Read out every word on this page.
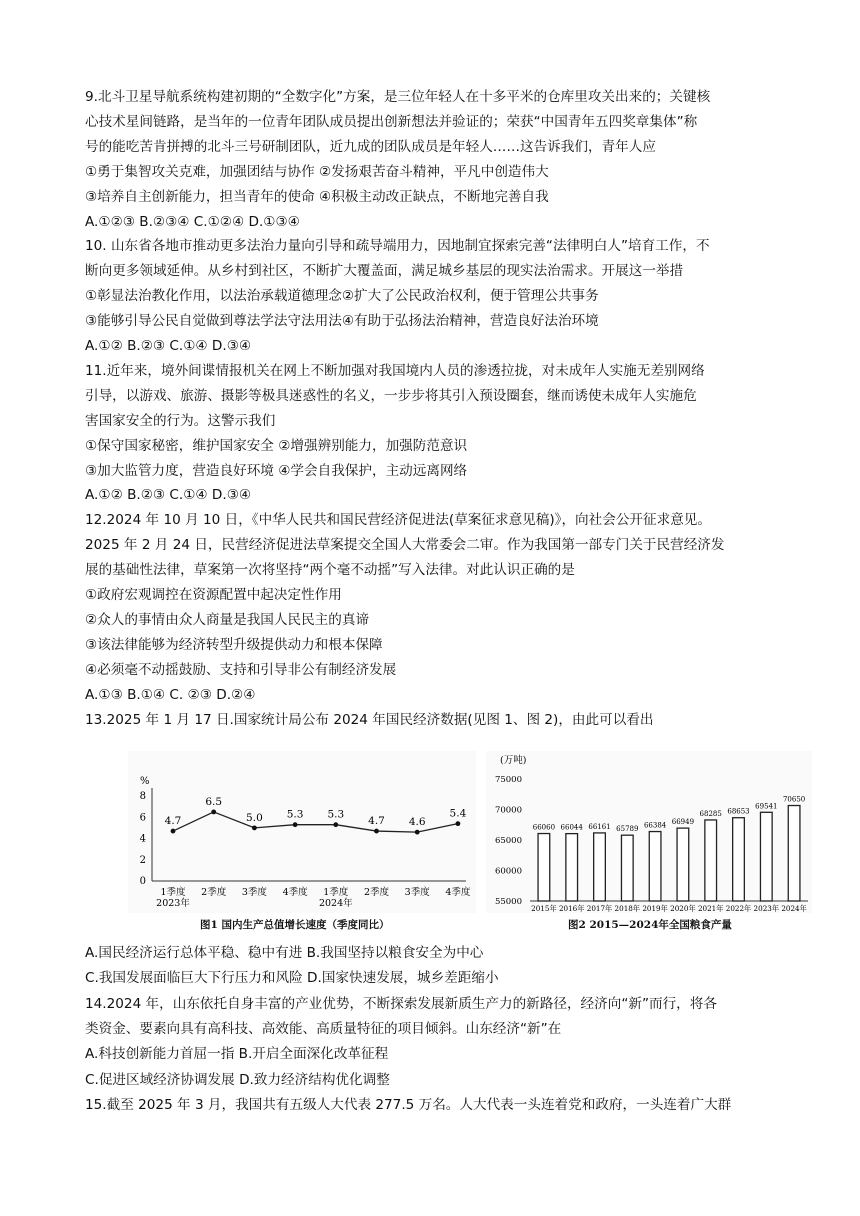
9.北斗卫星导航系统构建初期的“全数字化”方案，是三位年轻人在十多平米的仓库里攻关出来的；关键核
心技术星间链路，是当年的一位青年团队成员提出创新想法并验证的；荣获“中国青年五四奖章集体”称
号的能吃苦肯拼搏的北斗三号研制团队，近九成的团队成员是年轻人……这告诉我们，青年人应
①勇于集智攻关克难，加强团结与协作 ②发扬艰苦奋斗精神，平凡中创造伟大
③培养自主创新能力，担当青年的使命 ④积极主动改正缺点，不断地完善自我
A.①②③ B.②③④ C.①②④ D.①③④
10. 山东省各地市推动更多法治力量向引导和疏导端用力，因地制宜探索完善“法律明白人”培育工作，不
断向更多领域延伸。从乡村到社区，不断扩大覆盖面，满足城乡基层的现实法治需求。开展这一举措
①彰显法治教化作用，以法治承载道德理念②扩大了公民政治权利，便于管理公共事务
③能够引导公民自觉做到尊法学法守法用法④有助于弘扬法治精神，营造良好法治环境
A.①② B.②③ C.①④ D.③④
11.近年来，境外间谍情报机关在网上不断加强对我国境内人员的渗透拉拢，对未成年人实施无差别网络
引导，以游戏、旅游、摄影等极具迷惑性的名义，一步步将其引入预设圈套，继而诱使未成年人实施危
害国家安全的行为。这警示我们
①保守国家秘密，维护国家安全 ②增强辨别能力，加强防范意识
③加大监管力度，营造良好环境 ④学会自我保护，主动远离网络
A.①② B.②③ C.①④ D.③④
12.2024 年 10 月 10 日，《中华人民共和国民营经济促进法(草案征求意见稿)》，向社会公开征求意见。
2025 年 2 月 24 日，民营经济促进法草案提交全国人大常委会二审。作为我国第一部专门关于民营经济发
展的基础性法律，草案第一次将坚持“两个毫不动摇”写入法律。对此认识正确的是
①政府宏观调控在资源配置中起决定性作用
②众人的事情由众人商量是我国人民民主的真谛
③该法律能够为经济转型升级提供动力和根本保障
④必须毫不动摇鼓励、支持和引导非公有制经济发展
A.①③ B.①④ C. ②③ D.②④
13.2025 年 1 月 17 日.国家统计局公布 2024 年国民经济数据(见图 1、图 2)，由此可以看出
%
0
2
4
6
8
4.7
6.5
5.0 5.3 5.3
4.7 4.6
5.4
1季度
2023年
2季度 3季度 4季度 1季度
2024年
2季度 3季度 4季度
图1 国内生产总值增长速度（季度同比）
(万吨)
55000
60000
65000
70000
75000
66060
2015年
66044
2016年
66161
2017年
65789
2018年
66384
2019年
66949
2020年
68285
2021年
68653
2022年
69541
2023年
70650
2024年
图2 2015—2024年全国粮食产量
A.国民经济运行总体平稳、稳中有进 B.我国坚持以粮食安全为中心
C.我国发展面临巨大下行压力和风险 D.国家快速发展，城乡差距缩小
14.2024 年，山东依托自身丰富的产业优势，不断探索发展新质生产力的新路径，经济向“新”而行，将各
类资金、要素向具有高科技、高效能、高质量特征的项目倾斜。山东经济“新”在
A.科技创新能力首屈一指 B.开启全面深化改革征程
C.促进区域经济协调发展 D.致力经济结构优化调整
15.截至 2025 年 3 月，我国共有五级人大代表 277.5 万名。人大代表一头连着党和政府，一头连着广大群
